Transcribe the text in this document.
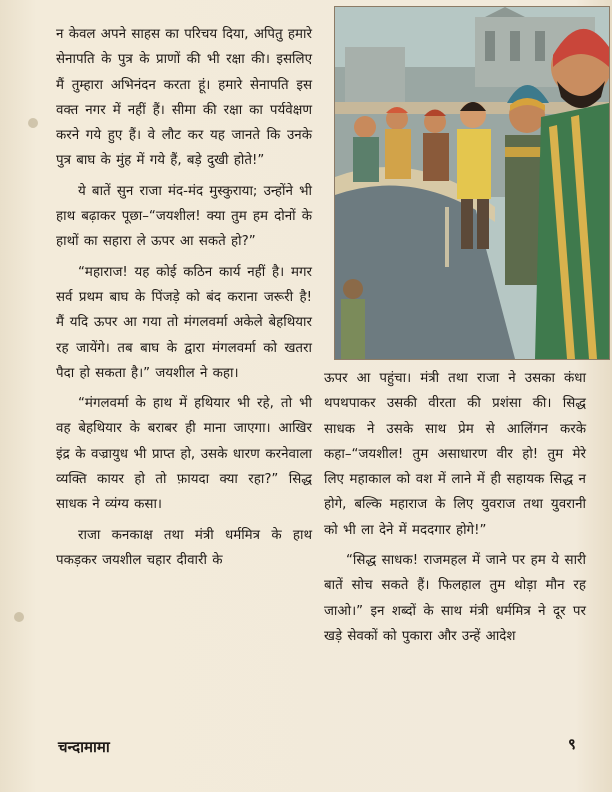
न केवल अपने साहस का परिचय दिया, अपितु हमारे सेनापति के पुत्र के प्राणों की भी रक्षा की। इसलिए मैं तुम्हारा अभिनंदन करता हूं। हमारे सेनापति इस वक्त नगर में नहीं हैं। सीमा की रक्षा का पर्यवेक्षण करने गये हुए हैं। वे लौट कर यह जानते कि उनके पुत्र बाघ के मुंह में गये हैं, बड़े दुखी होते!”

ये बातें सुन राजा मंद-मंद मुस्कुराया; उन्होंने भी हाथ बढ़ाकर पूछा–“जयशील! क्या तुम हम दोनों के हाथों का सहारा ले ऊपर आ सकते हो?”

“महाराज! यह कोई कठिन कार्य नहीं है। मगर सर्व प्रथम बाघ के पिंजड़े को बंद कराना जरूरी है! मैं यदि ऊपर आ गया तो मंगलवर्मा अकेले बेहथियार रह जायेंगे। तब बाघ के द्वारा मंगलवर्मा को खतरा पैदा हो सकता है।” जयशील ने कहा।

“मंगलवर्मा के हाथ में हथियार भी रहे, तो भी वह बेहथियार के बराबर ही माना जाएगा। आखिर इंद्र के वज्रायुध भी प्राप्त हो, उसके धारण करनेवाला व्यक्ति कायर हो तो फ़ायदा क्या रहा?” सिद्ध साधक ने व्यंग्य कसा।

राजा कनकाक्ष तथा मंत्री धर्ममित्र के हाथ पकड़कर जयशील चहार दीवारी के

ऊपर आ पहुंचा। मंत्री तथा राजा ने उसका कंधा थपथपाकर उसकी वीरता की प्रशंसा की। सिद्ध साधक ने उसके साथ प्रेम से आलिंगन करके कहा–“जयशील! तुम असाधारण वीर हो! तुम मेरे लिए महाकाल को वश में लाने में ही सहायक सिद्ध न होगे, बल्कि महाराज के लिए युवराज तथा युवरानी को भी ला देने में मददगार होगे!”

“सिद्ध साधक! राजमहल में जाने पर हम ये सारी बातें सोच सकते हैं। फिलहाल तुम थोड़ा मौन रह जाओ।” इन शब्दों के साथ मंत्री धर्ममित्र ने दूर पर खड़े सेवकों को पुकारा और उन्हें आदेश

चन्दामामा	९
